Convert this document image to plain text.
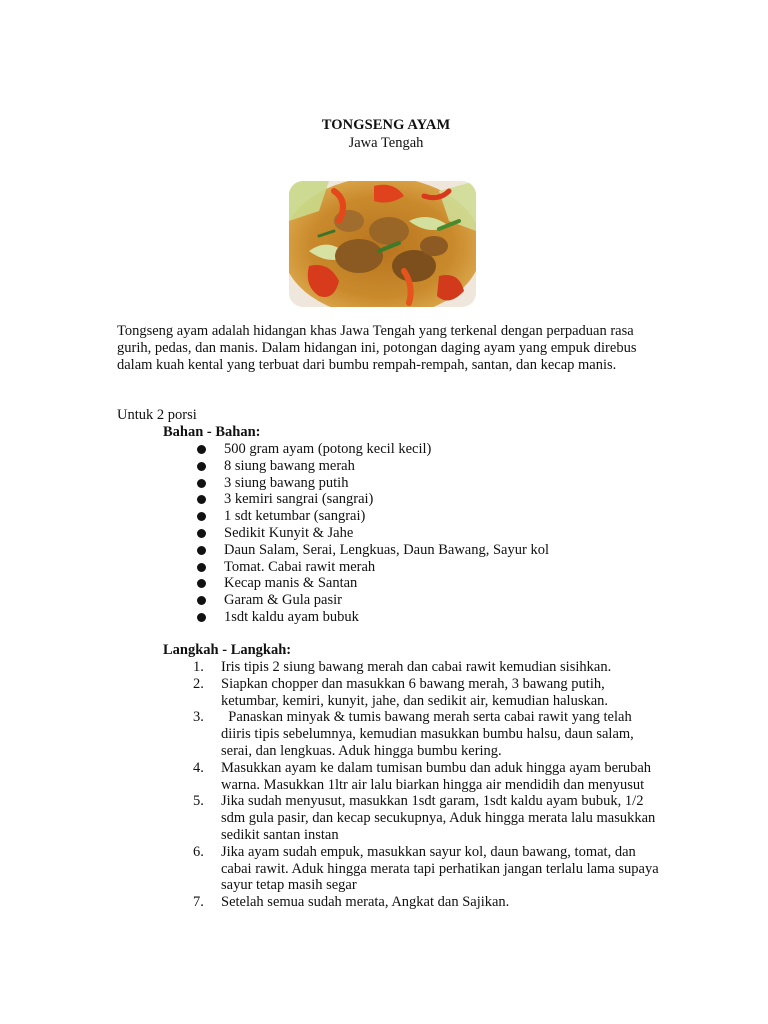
TONGSENG AYAM
Jawa Tengah
Tongseng ayam adalah hidangan khas Jawa Tengah yang terkenal dengan perpaduan rasa gurih, pedas, dan manis. Dalam hidangan ini, potongan daging ayam yang empuk direbus dalam kuah kental yang terbuat dari bumbu rempah-rempah, santan, dan kecap manis.
Untuk 2 porsi
Bahan - Bahan:
500 gram ayam (potong kecil kecil)
8 siung bawang merah
3 siung bawang putih
3 kemiri sangrai (sangrai)
1 sdt ketumbar (sangrai)
Sedikit Kunyit & Jahe
Daun Salam, Serai, Lengkuas, Daun Bawang, Sayur kol
Tomat. Cabai rawit merah
Kecap manis & Santan
Garam & Gula pasir
1sdt kaldu ayam bubuk
Langkah - Langkah:
1. Iris tipis 2 siung bawang merah dan cabai rawit kemudian sisihkan.
2. Siapkan chopper dan masukkan 6 bawang merah, 3 bawang putih, ketumbar, kemiri, kunyit, jahe, dan sedikit air, kemudian haluskan.
3. Panaskan minyak & tumis bawang merah serta cabai rawit yang telah diiris tipis sebelumnya, kemudian masukkan bumbu halsu, daun salam, serai, dan lengkuas. Aduk hingga bumbu kering.
4. Masukkan ayam ke dalam tumisan bumbu dan aduk hingga ayam berubah warna. Masukkan 1ltr air lalu biarkan hingga air mendidih dan menyusut
5. Jika sudah menyusut, masukkan 1sdt garam, 1sdt kaldu ayam bubuk, 1/2 sdm gula pasir, dan kecap secukupnya, Aduk hingga merata lalu masukkan sedikit santan instan
6. Jika ayam sudah empuk, masukkan sayur kol, daun bawang, tomat, dan cabai rawit. Aduk hingga merata tapi perhatikan jangan terlalu lama supaya sayur tetap masih segar
7. Setelah semua sudah merata, Angkat dan Sajikan.
